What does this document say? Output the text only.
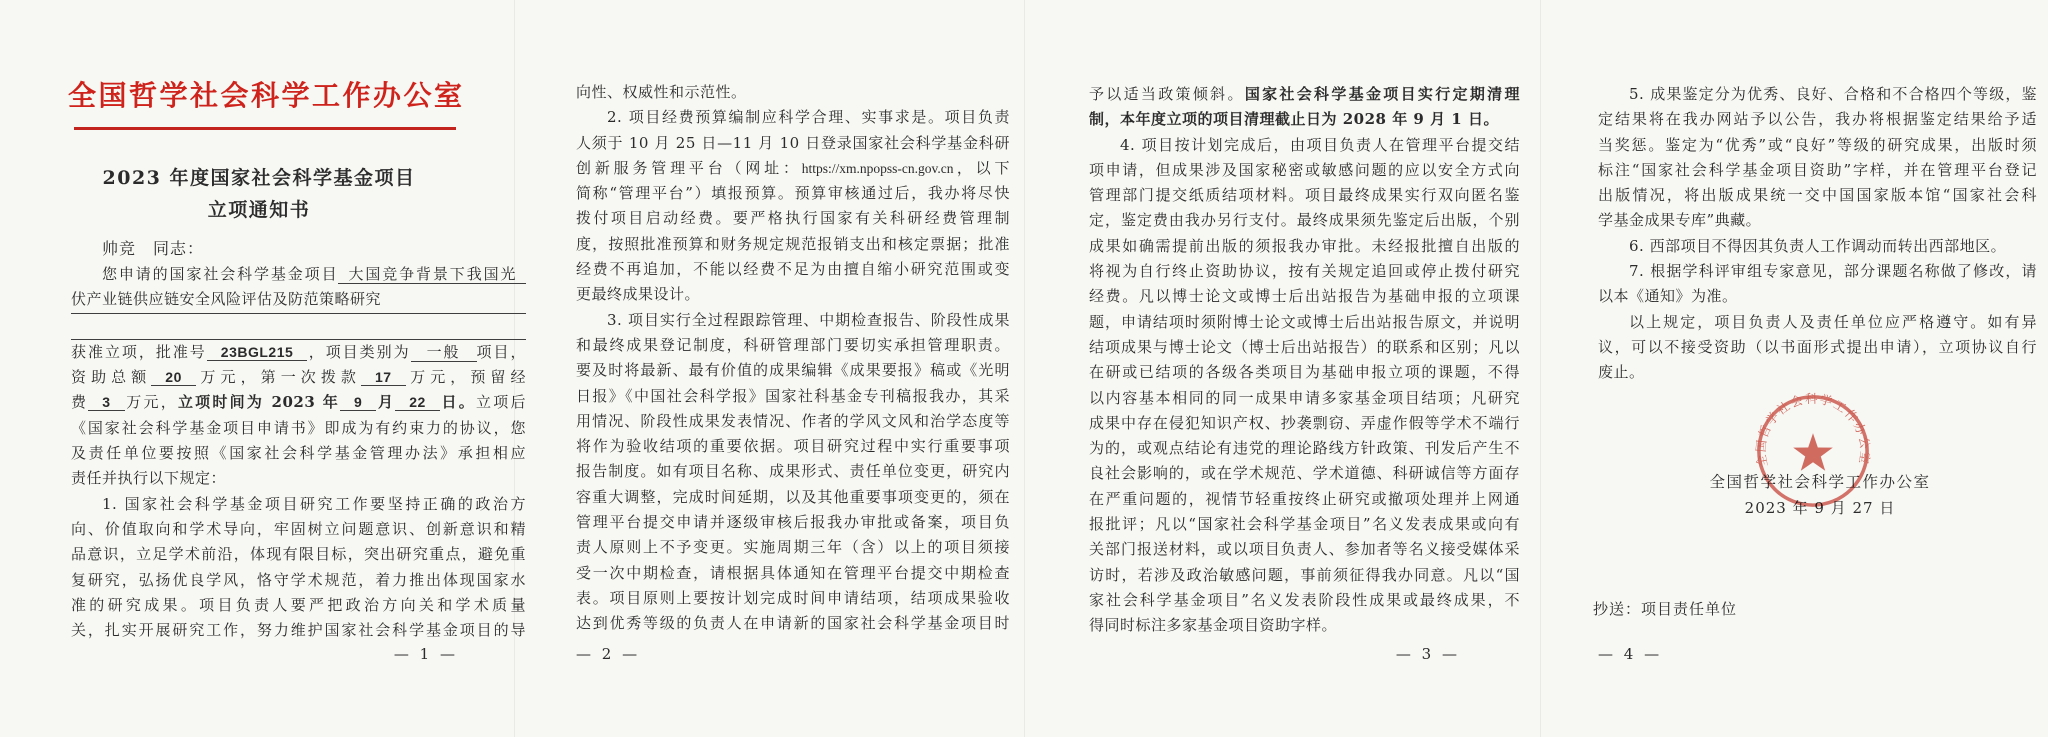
全国哲学社会科学工作办公室
2023 年度国家社会科学基金项目
立项通知书
帅竞　同志：
您申请的国家社会科学基金项目 大国竞争背景下我国光
伏产业链供应链安全风险评估及防范策略研究
获准立项，批准号 23BGL215 ，项目类别为 一般 项目，
资助总额 20 万元，第一次拨款 17 万元，预留经
费 3 万元，立项时间为 2023 年 9 月 22 日。立项后
《国家社会科学基金项目申请书》即成为有约束力的协议，您
及责任单位要按照《国家社会科学基金管理办法》承担相应
责任并执行以下规定：
1. 国家社会科学基金项目研究工作要坚持正确的政治方
向、价值取向和学术导向，牢固树立问题意识、创新意识和精
品意识，立足学术前沿，体现有限目标，突出研究重点，避免重
复研究，弘扬优良学风，恪守学术规范，着力推出体现国家水
准的研究成果。项目负责人要严把政治方向关和学术质量
关，扎实开展研究工作，努力维护国家社会科学基金项目的导
— 1 —
向性、权威性和示范性。
2. 项目经费预算编制应科学合理、实事求是。项目负责
人须于 10 月 25 日—11 月 10 日登录国家社会科学基金科研
创新服务管理平台（网址：https://xm.npopss-cn.gov.cn，以下
简称“管理平台”）填报预算。预算审核通过后，我办将尽快
拨付项目启动经费。要严格执行国家有关科研经费管理制
度，按照批准预算和财务规定规范报销支出和核定票据；批准
经费不再追加，不能以经费不足为由擅自缩小研究范围或变
更最终成果设计。
3. 项目实行全过程跟踪管理、中期检查报告、阶段性成果
和最终成果登记制度，科研管理部门要切实承担管理职责。
要及时将最新、最有价值的成果编辑《成果要报》稿或《光明
日报》《中国社会科学报》国家社科基金专刊稿报我办，其采
用情况、阶段性成果发表情况、作者的学风文风和治学态度等
将作为验收结项的重要依据。项目研究过程中实行重要事项
报告制度。如有项目名称、成果形式、责任单位变更，研究内
容重大调整，完成时间延期，以及其他重要事项变更的，须在
管理平台提交申请并逐级审核后报我办审批或备案，项目负
责人原则上不予变更。实施周期三年（含）以上的项目须接
受一次中期检查，请根据具体通知在管理平台提交中期检查
表。项目原则上要按计划完成时间申请结项，结项成果验收
达到优秀等级的负责人在申请新的国家社会科学基金项目时
— 2 —
予以适当政策倾斜。国家社会科学基金项目实行定期清理
制，本年度立项的项目清理截止日为 2028 年 9 月 1 日。
4. 项目按计划完成后，由项目负责人在管理平台提交结
项申请，但成果涉及国家秘密或敏感问题的应以安全方式向
管理部门提交纸质结项材料。项目最终成果实行双向匿名鉴
定，鉴定费由我办另行支付。最终成果须先鉴定后出版，个别
成果如确需提前出版的须报我办审批。未经报批擅自出版的
将视为自行终止资助协议，按有关规定追回或停止拨付研究
经费。凡以博士论文或博士后出站报告为基础申报的立项课
题，申请结项时须附博士论文或博士后出站报告原文，并说明
结项成果与博士论文（博士后出站报告）的联系和区别；凡以
在研或已结项的各级各类项目为基础申报立项的课题，不得
以内容基本相同的同一成果申请多家基金项目结项；凡研究
成果中存在侵犯知识产权、抄袭剽窃、弄虚作假等学术不端行
为的，或观点结论有违党的理论路线方针政策、刊发后产生不
良社会影响的，或在学术规范、学术道德、科研诚信等方面存
在严重问题的，视情节轻重按终止研究或撤项处理并上网通
报批评；凡以“国家社会科学基金项目”名义发表成果或向有
关部门报送材料，或以项目负责人、参加者等名义接受媒体采
访时，若涉及政治敏感问题，事前须征得我办同意。凡以“国
家社会科学基金项目”名义发表阶段性成果或最终成果，不
得同时标注多家基金项目资助字样。
— 3 —
5. 成果鉴定分为优秀、良好、合格和不合格四个等级，鉴
定结果将在我办网站予以公告，我办将根据鉴定结果给予适
当奖惩。鉴定为“优秀”或“良好”等级的研究成果，出版时须
标注“国家社会科学基金项目资助”字样，并在管理平台登记
出版情况，将出版成果统一交中国国家版本馆“国家社会科
学基金成果专库”典藏。
6. 西部项目不得因其负责人工作调动而转出西部地区。
7. 根据学科评审组专家意见，部分课题名称做了修改，请
以本《通知》为准。
以上规定，项目负责人及责任单位应严格遵守。如有异
议，可以不接受资助（以书面形式提出申请），立项协议自行
废止。
全国哲学社会科学工作办公室
全国哲学社会科学工作办公室
2023 年 9 月 27 日
抄送：项目责任单位
— 4 —
